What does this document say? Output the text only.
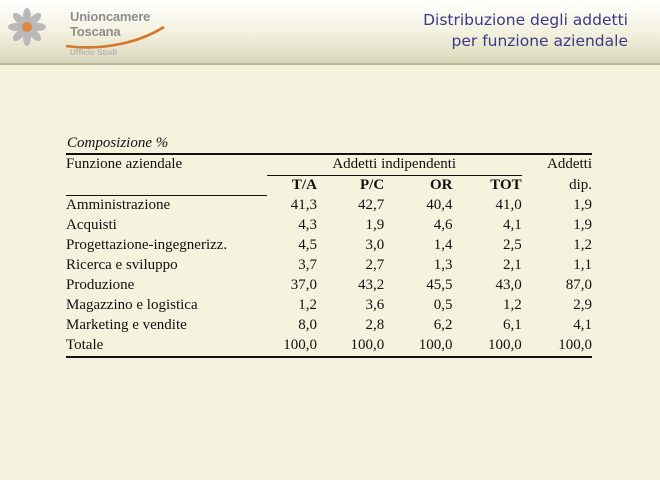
Unioncamere
Toscana
Ufficio Studi
Distribuzione degli addetti
per funzione aziendale
Composizione %

Funzione aziendale	Addetti indipendenti				Addetti
	T/A	P/C	OR	TOT	dip.
Amministrazione	41,3	42,7	40,4	41,0	1,9
Acquisti	4,3	1,9	4,6	4,1	1,9
Progettazione-ingegnerizz.	4,5	3,0	1,4	2,5	1,2
Ricerca e sviluppo	3,7	2,7	1,3	2,1	1,1
Produzione	37,0	43,2	45,5	43,0	87,0
Magazzino e logistica	1,2	3,6	0,5	1,2	2,9
Marketing e vendite	8,0	2,8	6,2	6,1	4,1
Totale	100,0	100,0	100,0	100,0	100,0
